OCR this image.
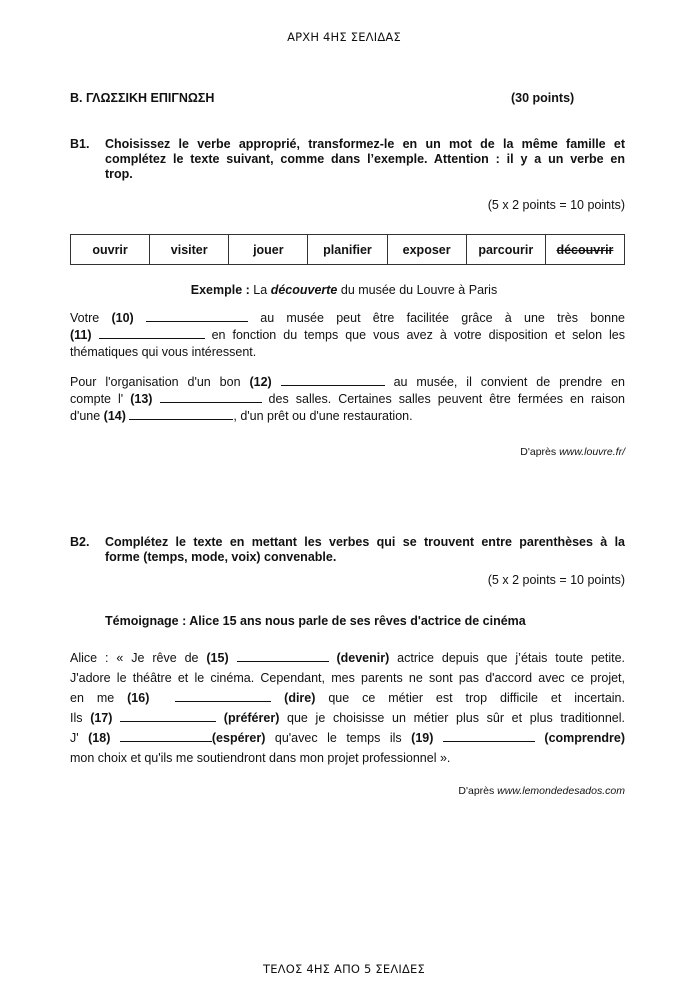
ΑΡΧΗ 4ΗΣ ΣΕΛΙΔΑΣ
Β. ΓΛΩΣΣΙΚΗ ΕΠΙΓΝΩΣΗ	(30 points)
B1. Choisissez le verbe approprié, transformez-le en un mot de la même famille et
complétez le texte suivant, comme dans l’exemple. Attention : il y a un verbe en
trop.
(5 x 2 points = 10 points)
ouvrir	visiter	jouer	planifier	exposer	parcourir	découvrir
Exemple : La découverte du musée du Louvre à Paris
Votre (10)	au musée peut être facilitée grâce à une très bonne
(11)	en fonction du temps que vous avez à votre disposition et selon les
thématiques qui vous intéressent.
Pour l'organisation d'un bon (12)	au musée, il convient de prendre en
compte l' (13)	des salles. Certaines salles peuvent être fermées en raison
d'une (14)	, d'un prêt ou d'une restauration.
D'après www.louvre.fr/
B2. Complétez le texte en mettant les verbes qui se trouvent entre parenthèses à la
forme (temps, mode, voix) convenable.
(5 x 2 points = 10 points)
Témoignage : Alice 15 ans nous parle de ses rêves d'actrice de cinéma
Alice : « Je rêve de (15)	(devenir) actrice depuis que j’étais toute petite.
J'adore le théâtre et le cinéma. Cependant, mes parents ne sont pas d'accord avec ce projet,
en me (16)	(dire) que ce métier est trop difficile et incertain.
Ils (17)	(préférer) que je choisisse un métier plus sûr et plus traditionnel.
J' (18)	(espérer) qu'avec le temps ils (19)	(comprendre)
mon choix et qu'ils me soutiendront dans mon projet professionnel ».
D'après www.lemondedesados.com
ΤΕΛΟΣ 4ΗΣ ΑΠΟ 5 ΣΕΛΙΔΕΣ
